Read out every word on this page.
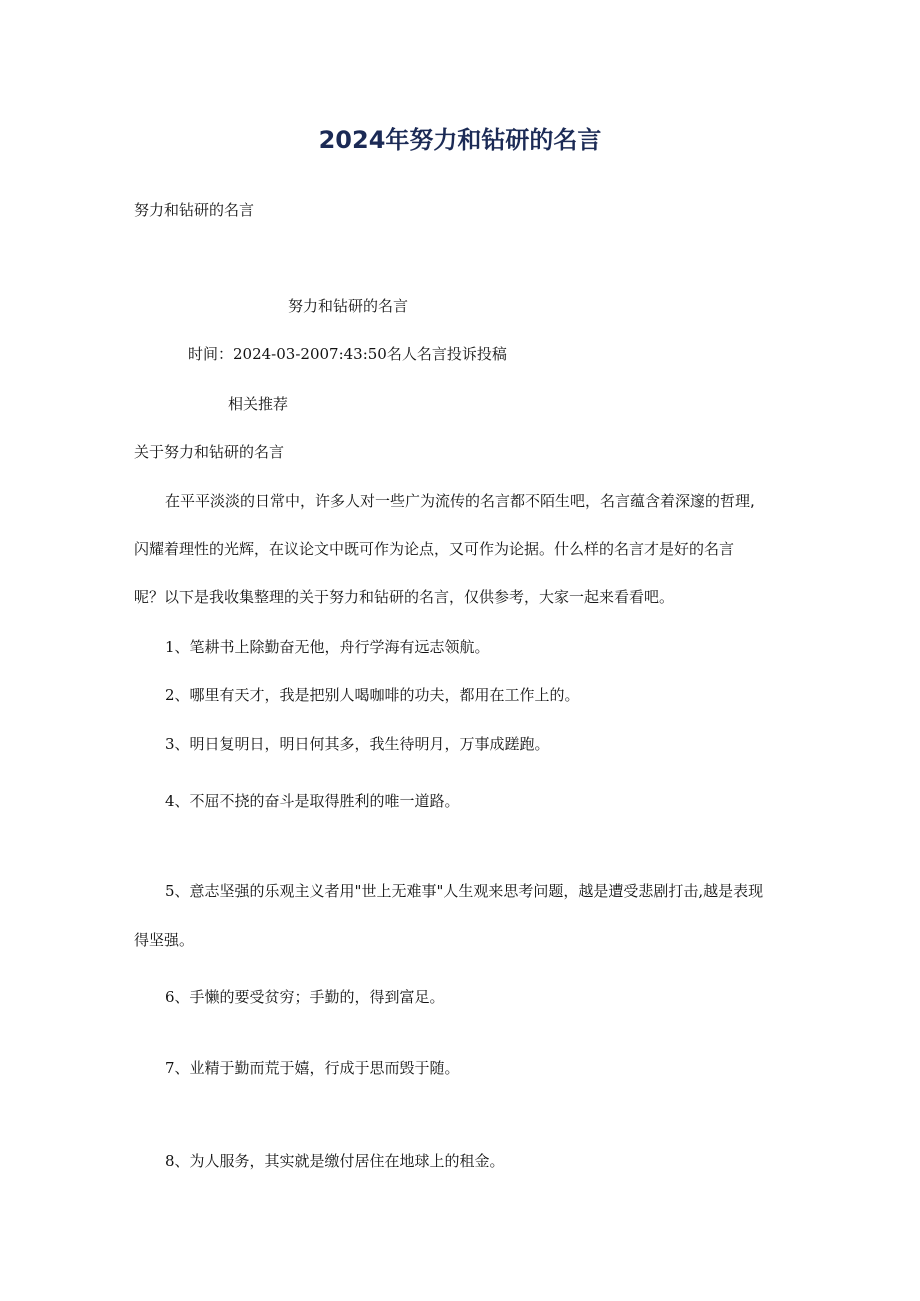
2024年努力和钻研的名言
努力和钻研的名言
努力和钻研的名言
时间：2024-03-2007:43:50名人名言投诉投稿
相关推荐
关于努力和钻研的名言
在平平淡淡的日常中，许多人对一些广为流传的名言都不陌生吧，名言蕴含着深邃的哲理,
闪耀着理性的光辉，在议论文中既可作为论点，又可作为论据。什么样的名言才是好的名言
呢？以下是我收集整理的关于努力和钻研的名言，仅供参考，大家一起来看看吧。
1、笔耕书上除勤奋无他，舟行学海有远志领航。
2、哪里有天才，我是把别人喝咖啡的功夫，都用在工作上的。
3、明日复明日，明日何其多，我生待明月，万事成蹉跑。
4、不屈不挠的奋斗是取得胜利的唯一道路。
5、意志坚强的乐观主义者用"世上无难事"人生观来思考问题，越是遭受悲剧打击,越是表现
得坚强。
6、手懒的要受贫穷；手勤的，得到富足。
7、业精于勤而荒于嬉，行成于思而毁于随。
8、为人服务，其实就是缴付居住在地球上的租金。
